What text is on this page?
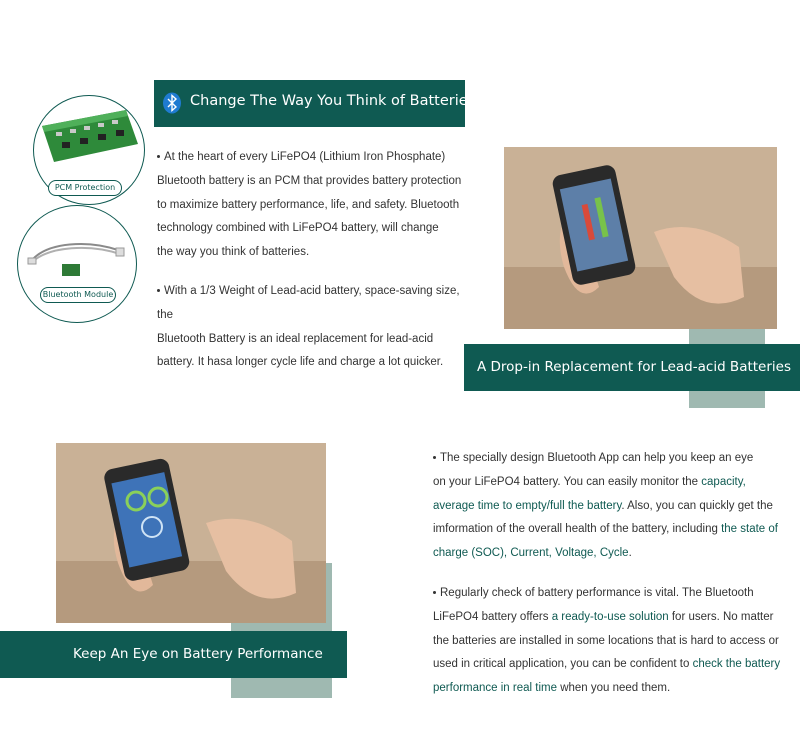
PCM Protection
Bluetooth Module
Change The Way You Think of Batteries
At the heart of every LiFePO4 (Lithium Iron Phosphate)
Bluetooth battery is an PCM that provides battery protection
to maximize battery performance, life, and safety. Bluetooth
technology combined with LiFePO4 battery, will change
the way you think of batteries.
With a 1/3 Weight of Lead-acid battery, space-saving size, the
Bluetooth Battery is an ideal replacement for lead-acid
battery. It hasa longer cycle life and charge a lot quicker.	A Drop-in Replacement for Lead-acid Batteries
Keep An Eye on Battery Performance
The specially design Bluetooth App can help you keep an eye
on your LiFePO4 battery. You can easily monitor the capacity,
average time to empty/full the battery. Also, you can quickly get the
imformation of the overall health of the battery, including the state of
charge (SOC), Current, Voltage, Cycle.
Regularly check of battery performance is vital. The Bluetooth
LiFePO4 battery offers a ready-to-use solution for users. No matter
the batteries are installed in some locations that is hard to access or
used in critical application, you can be confident to check the battery
performance in real time when you need them.
